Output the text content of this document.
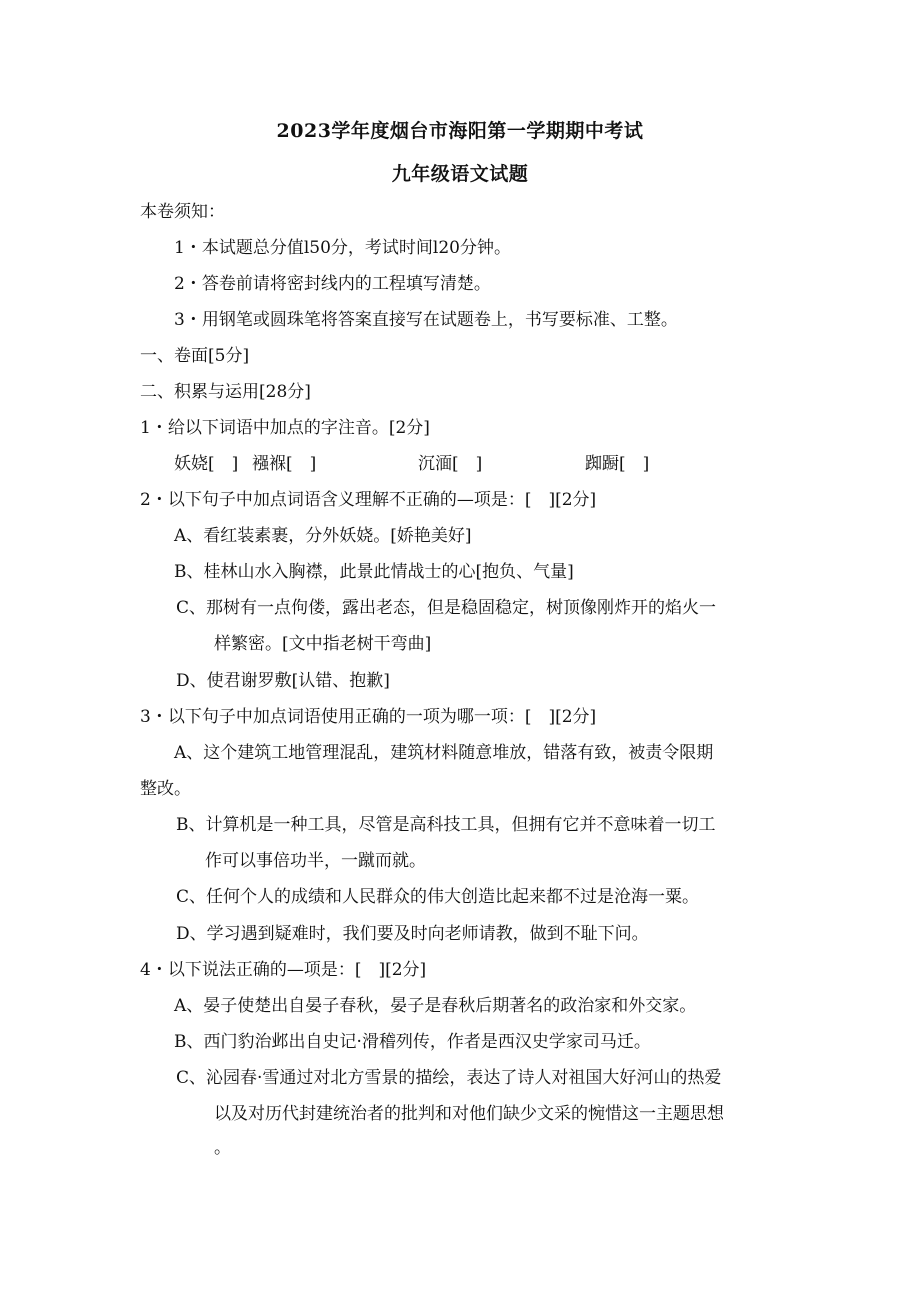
2023学年度烟台市海阳第一学期期中考试
九年级语文试题
本卷须知：
1・本试题总分值l50分，考试时间l20分钟。
2・答卷前请将密封线内的工程填写清楚。
3・用钢笔或圆珠笔将答案直接写在试题卷上，书写要标准、工整。
一、卷面[5分]
二、积累与运用[28分]
1・给以下词语中加点的字注音。[2分]
妖娆[　] 襁褓[　]	沉湎[　]	踟蹰[　]
2・以下句子中加点词语含义理解不正确的—项是：[　][2分]
A、看红装素裹，分外妖娆。[娇艳美好]
B、桂林山水入胸襟，此景此情战士的心[抱负、气量]
C、那树有一点佝偻，露出老态，但是稳固稳定，树顶像刚炸开的焰火一
样繁密。[文中指老树干弯曲]
D、使君谢罗敷[认错、抱歉]
3・以下句子中加点词语使用正确的一项为哪一项：[　][2分]
A、这个建筑工地管理混乱，建筑材料随意堆放，错落有致，被责令限期
整改。
B、计算机是一种工具，尽管是高科技工具，但拥有它并不意味着一切工
作可以事倍功半，一蹴而就。
C、任何个人的成绩和人民群众的伟大创造比起来都不过是沧海一粟。
D、学习遇到疑难时，我们要及时向老师请教，做到不耻下问。
4・以下说法正确的—项是：[　][2分]
A、晏子使楚出自晏子春秋，晏子是春秋后期著名的政治家和外交家。
B、西门豹治邺出自史记·滑稽列传，作者是西汉史学家司马迁。
C、沁园春·雪通过对北方雪景的描绘，表达了诗人对祖国大好河山的热爱
以及对历代封建统治者的批判和对他们缺少文采的惋惜这一主题思想
。
